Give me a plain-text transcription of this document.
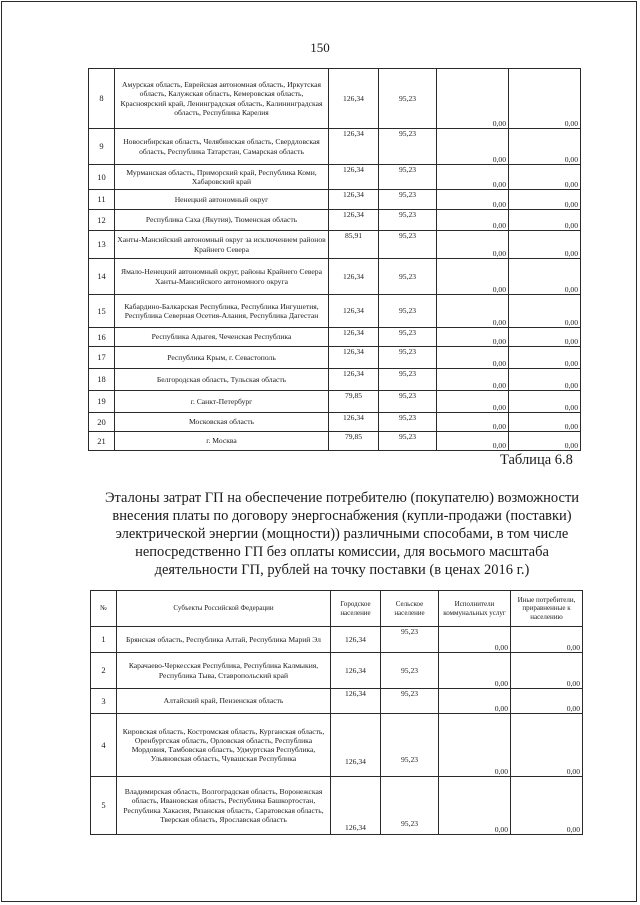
150
8	Амурская область, Еврейская автономная область, Иркутская область, Калужская область, Кемеровская область, Красноярский край, Ленинградская область, Калининградская область, Республика Карелия	126,34	95,23	0,00	0,00
9	Новосибирская область, Челябинская область, Свердловская область, Республика Татарстан, Самарская область	126,34	95,23	0,00	0,00
10	Мурманская область, Приморский край, Республика Коми, Хабаровский край	126,34	95,23	0,00	0,00
11	Ненецкий автономный округ	126,34	95,23	0,00	0,00
12	Республика Саха (Якутия), Тюменская область	126,34	95,23	0,00	0,00
13	Ханты-Мансийский автономный округ за исключением районов Крайнего Севера	85,91	95,23	0,00	0,00
14	Ямало-Ненецкий автономный округ, районы Крайнего Севера Ханты-Мансийского автономного округа	126,34	95,23	0,00	0,00
15	Кабардино-Балкарская Республика, Республика Ингушетия, Республика Северная Осетия-Алания, Республика Дагестан	126,34	95,23	0,00	0,00
16	Республика Адыгея, Чеченская Республика	126,34	95,23	0,00	0,00
17	Республика Крым, г. Севастополь	126,34	95,23	0,00	0,00
18	Белгородская область, Тульская область	126,34	95,23	0,00	0,00
19	г. Санкт-Петербург	79,85	95,23	0,00	0,00
20	Московская область	126,34	95,23	0,00	0,00
21	г. Москва	79,85	95,23	0,00	0,00
Таблица 6.8
Эталоны затрат ГП на обеспечение потребителю (покупателю) возможности внесения платы по договору энергоснабжения (купли-продажи (поставки) электрической энергии (мощности)) различными способами, в том числе непосредственно ГП без оплаты комиссии, для восьмого масштаба деятельности ГП, рублей на точку поставки (в ценах 2016 г.)
№	Субъекты Российской Федерации	Городское население	Сельское население	Исполнители коммунальных услуг	Иные потребители, приравненные к населению
1	Брянская область, Республика Алтай, Республика Марий Эл	126,34	95,23	0,00	0,00
2	Карачаево-Черкесская Республика, Республика Калмыкия, Республика Тыва, Ставропольский край	126,34	95,23	0,00	0,00
3	Алтайский край, Пензенская область	126,34	95,23	0,00	0,00
4	Кировская область, Костромская область, Курганская область, Оренбургская область, Орловская область, Республика Мордовия, Тамбовская область, Удмуртская Республика, Ульяновская область, Чувашская Республика	126,34	95,23	0,00	0,00
5	Владимирская область, Волгоградская область, Воронежская область, Ивановская область, Республика Башкортостан, Республика Хакасия, Рязанская область, Саратовская область, Тверская область, Ярославская область	126,34	95,23	0,00	0,00
